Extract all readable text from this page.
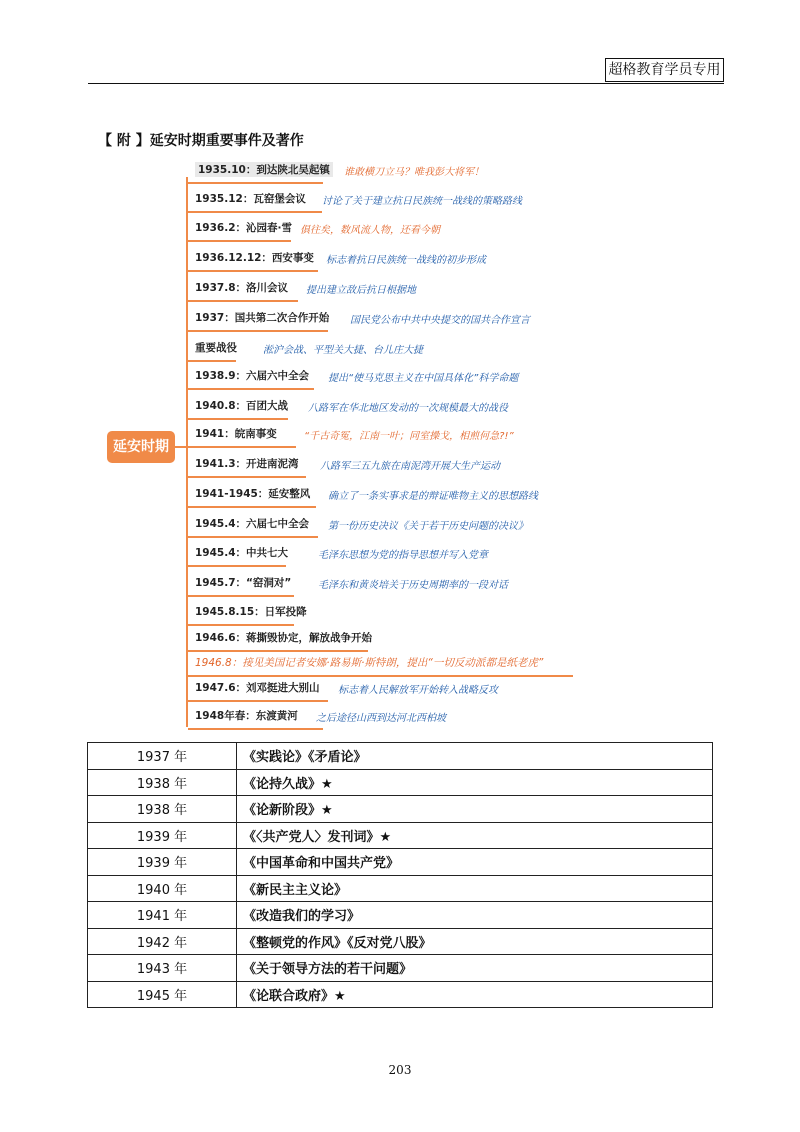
超格教育学员专用
【 附 】延安时期重要事件及著作
延安时期
1935.10：到达陕北吴起镇	谁敢横刀立马？唯我彭大将军！
1935.12：瓦窑堡会议 讨论了关于建立抗日民族统一战线的策略路线
1936.2：沁园春·雪 俱往矣，数风流人物，还看今朝
1936.12.12：西安事变 标志着抗日民族统一战线的初步形成
1937.8：洛川会议 提出建立敌后抗日根据地
1937：国共第二次合作开始 国民党公布中共中央提交的国共合作宣言
重要战役	淞沪会战、平型关大捷、台儿庄大捷
1938.9：六届六中全会 提出“使马克思主义在中国具体化”科学命题
1940.8：百团大战 八路军在华北地区发动的一次规模最大的战役
1941：皖南事变	“千古奇冤，江南一叶；同室操戈，相煎何急?!”
1941.3：开进南泥湾 八路军三五九旅在南泥湾开展大生产运动
1941-1945：延安整风 确立了一条实事求是的辩证唯物主义的思想路线
1945.4：六届七中全会 第一份历史决议《关于若干历史问题的决议》
1945.4：中共七大	毛泽东思想为党的指导思想并写入党章
1945.7：“窑洞对”	毛泽东和黄炎培关于历史周期率的一段对话
1945.8.15：日军投降
1946.6：蒋撕毁协定，解放战争开始
1946.8：接见美国记者安娜·路易斯·斯特朗，提出“一切反动派都是纸老虎”
1947.6：刘邓挺进大别山 标志着人民解放军开始转入战略反攻
1948年春：东渡黄河 之后途径山西到达河北西柏坡
1937 年	《实践论》《矛盾论》
1938 年	《论持久战》★
1938 年	《论新阶段》★
1939 年	《〈共产党人〉发刊词》★
1939 年	《中国革命和中国共产党》
1940 年	《新民主主义论》
1941 年	《改造我们的学习》
1942 年	《整顿党的作风》《反对党八股》
1943 年	《关于领导方法的若干问题》
1945 年	《论联合政府》★
203
